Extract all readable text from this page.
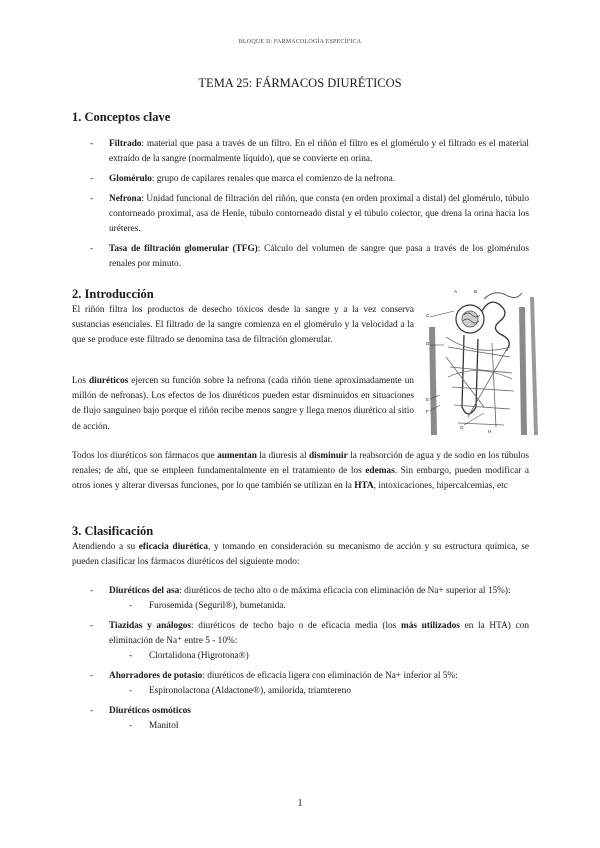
BLOQUE II: FARMACOLOGÍA ESPECÍFICA
TEMA 25: FÁRMACOS DIURÉTICOS
1. Conceptos clave
- Filtrado: material que pasa a través de un filtro. En el riñón el filtro es el glomérulo y el filtrado es el material extraído de la sangre (normalmente líquido), que se convierte en orina.
- Glomérulo: grupo de capilares renales que marca el comienzo de la nefrona.
- Nefrona: Unidad funcional de filtración del riñón, que consta (en orden proximal a distal) del glomérulo, túbulo contorneado proximal, asa de Henle, túbulo contorneado distal y el túbulo colector, que drena la orina hacia los uréteres.
- Tasa de filtración glomerular (TFG): Cálculo del volumen de sangre que pasa a través de los glomérulos renales por minuto.
2. Introducción

El riñón filtra los productos de desecho tóxicos desde la sangre y a la vez conserva sustancias esenciales. El filtrado de la sangre comienza en el glomérulo y la velocidad a la que se produce este filtrado se denomina tasa de filtración glomerular.

Los diuréticos ejercen su función sobre la nefrona (cada riñón tiene aproximadamente un millón de nefronas). Los efectos de los diuréticos pueden estar disminuidos en situaciones de flujo sanguíneo bajo porque el riñón recibe menos sangre y llega menos diurético al sitio de acción.

A	B
C
D
E
F
G
H

Todos los diuréticos son fármacos que aumentan la diuresis al disminuir la reabsorción de agua y de sodio en los túbulos renales; de ahí, que se empleen fundamentalmente en el tratamiento de los edemas. Sin embargo, pueden modificar a otros iones y alterar diversas funciones, por lo que también se utilizan en la HTA, intoxicaciones, hipercalcemias, etc

3. Clasificación

Atendiendo a su eficacia diurética, y tomando en consideración su mecanismo de acción y su estructura química, se pueden clasificar los fármacos diuréticos del siguiente modo:

- Diuréticos del asa: diuréticos de techo alto o de máxima eficacia con eliminación de Na+ superior al 15%):
- Furosemida (Seguril®), bumetanida.
- Tiazidas y análogos: diuréticos de techo bajo o de eficacia media (los más utilizados en la HTA) con eliminación de Na⁺ entre 5 - 10%:
- Clortalidona (Higrotona®)
- Ahorradores de potasio: diuréticos de eficacia ligera con eliminación de Na+ inferior al 5%:
- Espironolactona (Aldactone®), amilorida, triamtereno
- Diuréticos osmóticos
- Manitol
1
